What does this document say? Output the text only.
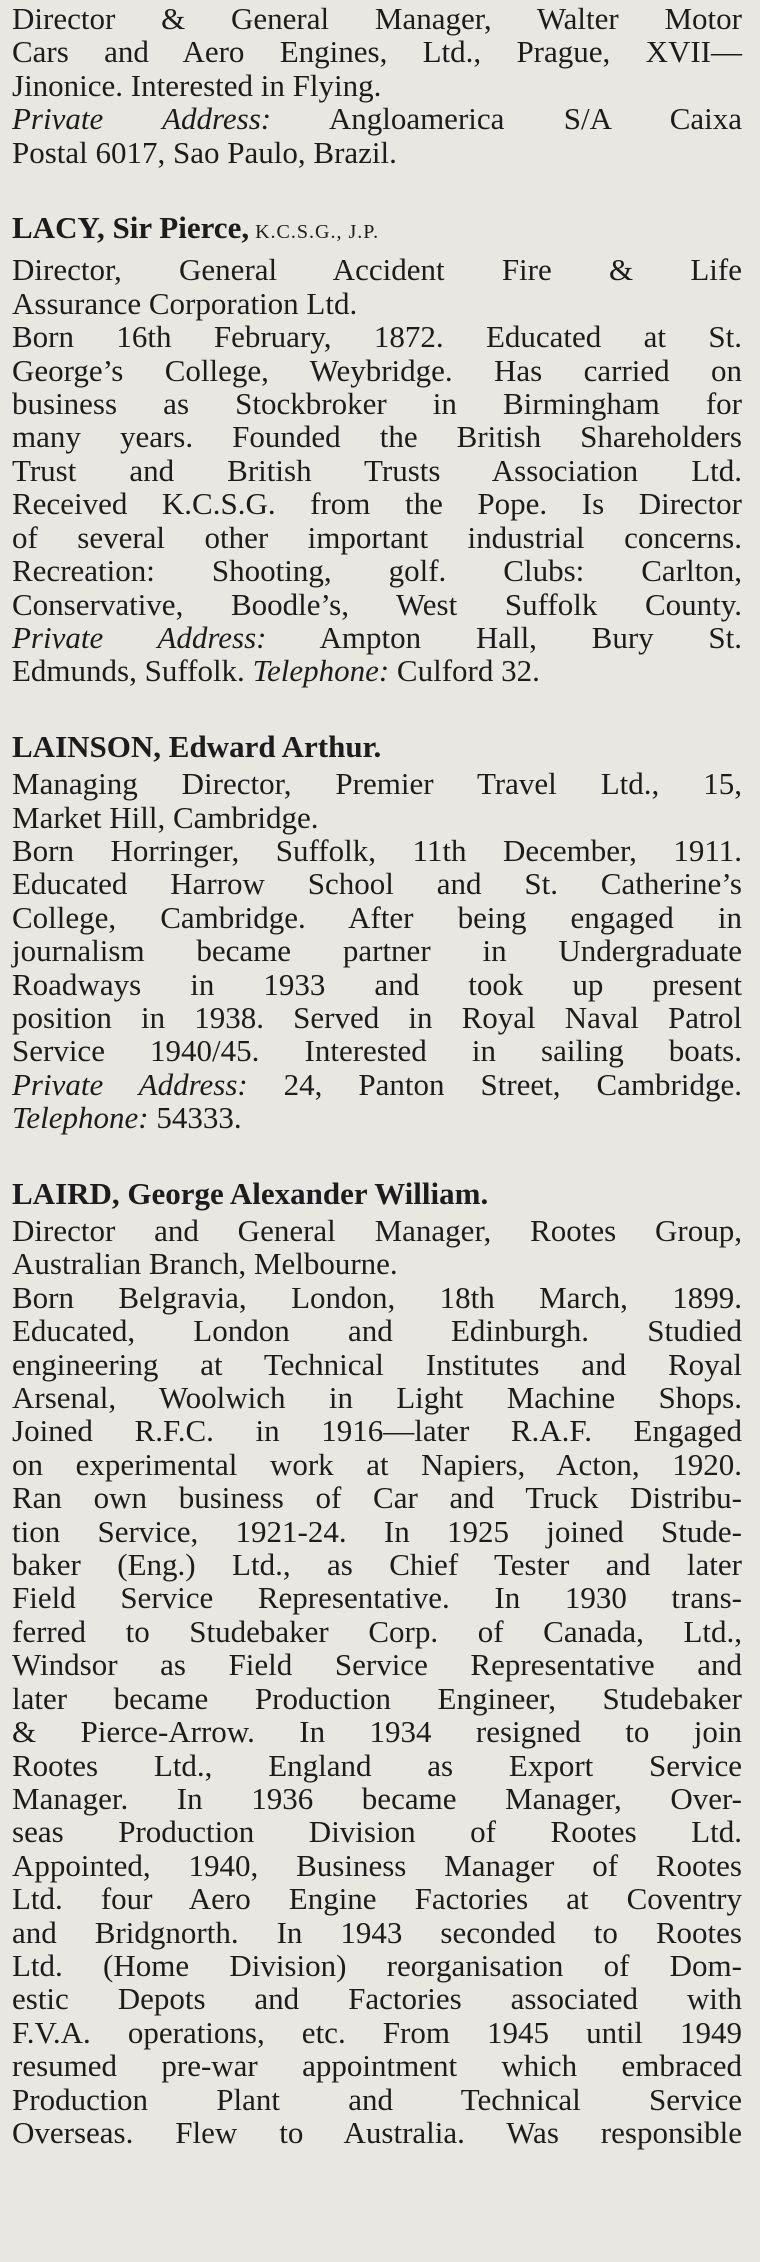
Director & General Manager, Walter Motor
Cars and Aero Engines, Ltd., Prague, XVII—
Jinonice. Interested in Flying.
Private Address: Angloamerica S/A Caixa
Postal 6017, Sao Paulo, Brazil.
LACY, Sir Pierce, K.C.S.G., J.P.
Director, General Accident Fire & Life
Assurance Corporation Ltd.
Born 16th February, 1872. Educated at St.
George’s College, Weybridge. Has carried on
business as Stockbroker in Birmingham for
many years. Founded the British Shareholders
Trust and British Trusts Association Ltd.
Received K.C.S.G. from the Pope. Is Director
of several other important industrial concerns.
Recreation: Shooting, golf. Clubs: Carlton,
Conservative, Boodle’s, West Suffolk County.
Private Address: Ampton Hall, Bury St.
Edmunds, Suffolk. Telephone: Culford 32.
LAINSON, Edward Arthur.
Managing Director, Premier Travel Ltd., 15,
Market Hill, Cambridge.
Born Horringer, Suffolk, 11th December, 1911.
Educated Harrow School and St. Catherine’s
College, Cambridge. After being engaged in
journalism became partner in Undergraduate
Roadways in 1933 and took up present
position in 1938. Served in Royal Naval Patrol
Service 1940/45. Interested in sailing boats.
Private Address: 24, Panton Street, Cambridge.
Telephone: 54333.
LAIRD, George Alexander William.
Director and General Manager, Rootes Group,
Australian Branch, Melbourne.
Born Belgravia, London, 18th March, 1899.
Educated, London and Edinburgh. Studied
engineering at Technical Institutes and Royal
Arsenal, Woolwich in Light Machine Shops.
Joined R.F.C. in 1916—later R.A.F. Engaged
on experimental work at Napiers, Acton, 1920.
Ran own business of Car and Truck Distribu-
tion Service, 1921-24. In 1925 joined Stude-
baker (Eng.) Ltd., as Chief Tester and later
Field Service Representative. In 1930 trans-
ferred to Studebaker Corp. of Canada, Ltd.,
Windsor as Field Service Representative and
later became Production Engineer, Studebaker
& Pierce-Arrow. In 1934 resigned to join
Rootes Ltd., England as Export Service
Manager. In 1936 became Manager, Over-
seas Production Division of Rootes Ltd.
Appointed, 1940, Business Manager of Rootes
Ltd. four Aero Engine Factories at Coventry
and Bridgnorth. In 1943 seconded to Rootes
Ltd. (Home Division) reorganisation of Dom-
estic Depots and Factories associated with
F.V.A. operations, etc. From 1945 until 1949
resumed pre-war appointment which embraced
Production Plant and Technical Service
Overseas. Flew to Australia. Was responsible
